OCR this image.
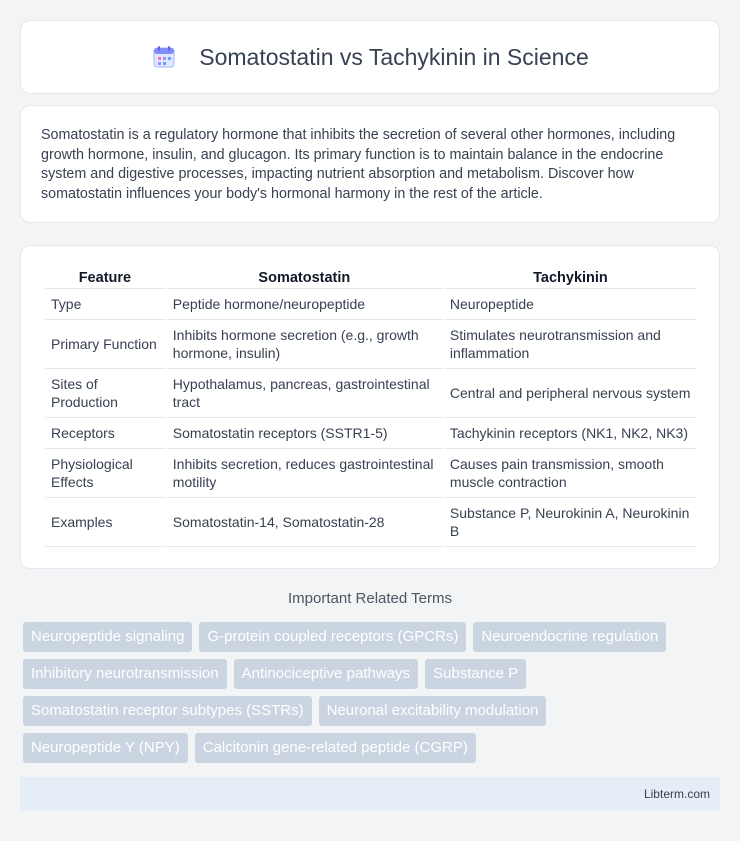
Somatostatin vs Tachykinin in Science

Somatostatin is a regulatory hormone that inhibits the secretion of several other hormones, including growth hormone, insulin, and glucagon. Its primary function is to maintain balance in the endocrine system and digestive processes, impacting nutrient absorption and metabolism. Discover how somatostatin influences your body's hormonal harmony in the rest of the article.

Feature	Somatostatin	Tachykinin
Type	Peptide hormone/neuropeptide	Neuropeptide
Primary Function	Inhibits hormone secretion (e.g., growth hormone, insulin)	Stimulates neurotransmission and inflammation
Sites of Production	Hypothalamus, pancreas, gastrointestinal tract	Central and peripheral nervous system
Receptors	Somatostatin receptors (SSTR1-5)	Tachykinin receptors (NK1, NK2, NK3)
Physiological Effects	Inhibits secretion, reduces gastrointestinal motility	Causes pain transmission, smooth muscle contraction
Examples	Somatostatin-14, Somatostatin-28	Substance P, Neurokinin A, Neurokinin B
Important Related Terms
Neuropeptide signaling	G-protein coupled receptors (GPCRs)	Neuroendocrine regulation
Inhibitory neurotransmission	Antinociceptive pathways	Substance P
Somatostatin receptor subtypes (SSTRs)	Neuronal excitability modulation
Neuropeptide Y (NPY)	Calcitonin gene-related peptide (CGRP)
Libterm.com
